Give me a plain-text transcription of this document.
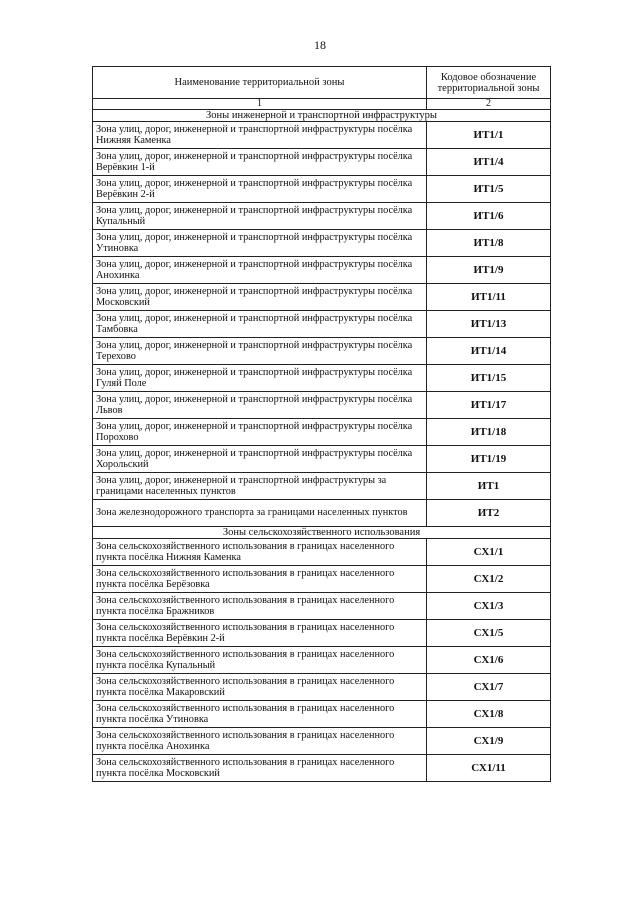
18
Наименование территориальной зоны	Кодовое обозначение территориальной зоны
1	2
Зоны инженерной и транспортной инфраструктуры	
Зона улиц, дорог, инженерной и транспортной инфраструктуры посёлка Нижняя Каменка	ИТ1/1
Зона улиц, дорог, инженерной и транспортной инфраструктуры посёлка Верёвкин 1-й	ИТ1/4
Зона улиц, дорог, инженерной и транспортной инфраструктуры посёлка Верёвкин 2-й	ИТ1/5
Зона улиц, дорог, инженерной и транспортной инфраструктуры посёлка Купальный	ИТ1/6
Зона улиц, дорог, инженерной и транспортной инфраструктуры посёлка Утиновка	ИТ1/8
Зона улиц, дорог, инженерной и транспортной инфраструктуры посёлка Анохинка	ИТ1/9
Зона улиц, дорог, инженерной и транспортной инфраструктуры посёлка Московский	ИТ1/11
Зона улиц, дорог, инженерной и транспортной инфраструктуры посёлка Тамбовка	ИТ1/13
Зона улиц, дорог, инженерной и транспортной инфраструктуры посёлка Терехово	ИТ1/14
Зона улиц, дорог, инженерной и транспортной инфраструктуры посёлка Гуляй Поле	ИТ1/15
Зона улиц, дорог, инженерной и транспортной инфраструктуры посёлка Львов	ИТ1/17
Зона улиц, дорог, инженерной и транспортной инфраструктуры посёлка Порохово	ИТ1/18
Зона улиц, дорог, инженерной и транспортной инфраструктуры посёлка Хорольский	ИТ1/19
Зона улиц, дорог, инженерной и транспортной инфраструктуры за границами населенных пунктов	ИТ1
Зона железнодорожного транспорта за границами населенных пунктов	ИТ2
Зоны сельскохозяйственного использования	
Зона сельскохозяйственного использования в границах населенного пункта посёлка Нижняя Каменка	СХ1/1
Зона сельскохозяйственного использования в границах населенного пункта посёлка Берёзовка	СХ1/2
Зона сельскохозяйственного использования в границах населенного пункта посёлка Бражников	СХ1/3
Зона сельскохозяйственного использования в границах населенного пункта посёлка Верёвкин 2-й	СХ1/5
Зона сельскохозяйственного использования в границах населенного пункта посёлка Купальный	СХ1/6
Зона сельскохозяйственного использования в границах населенного пункта посёлка Макаровский	СХ1/7
Зона сельскохозяйственного использования в границах населенного пункта посёлка Утиновка	СХ1/8
Зона сельскохозяйственного использования в границах населенного пункта посёлка Анохинка	СХ1/9
Зона сельскохозяйственного использования в границах населенного пункта посёлка Московский	СХ1/11
